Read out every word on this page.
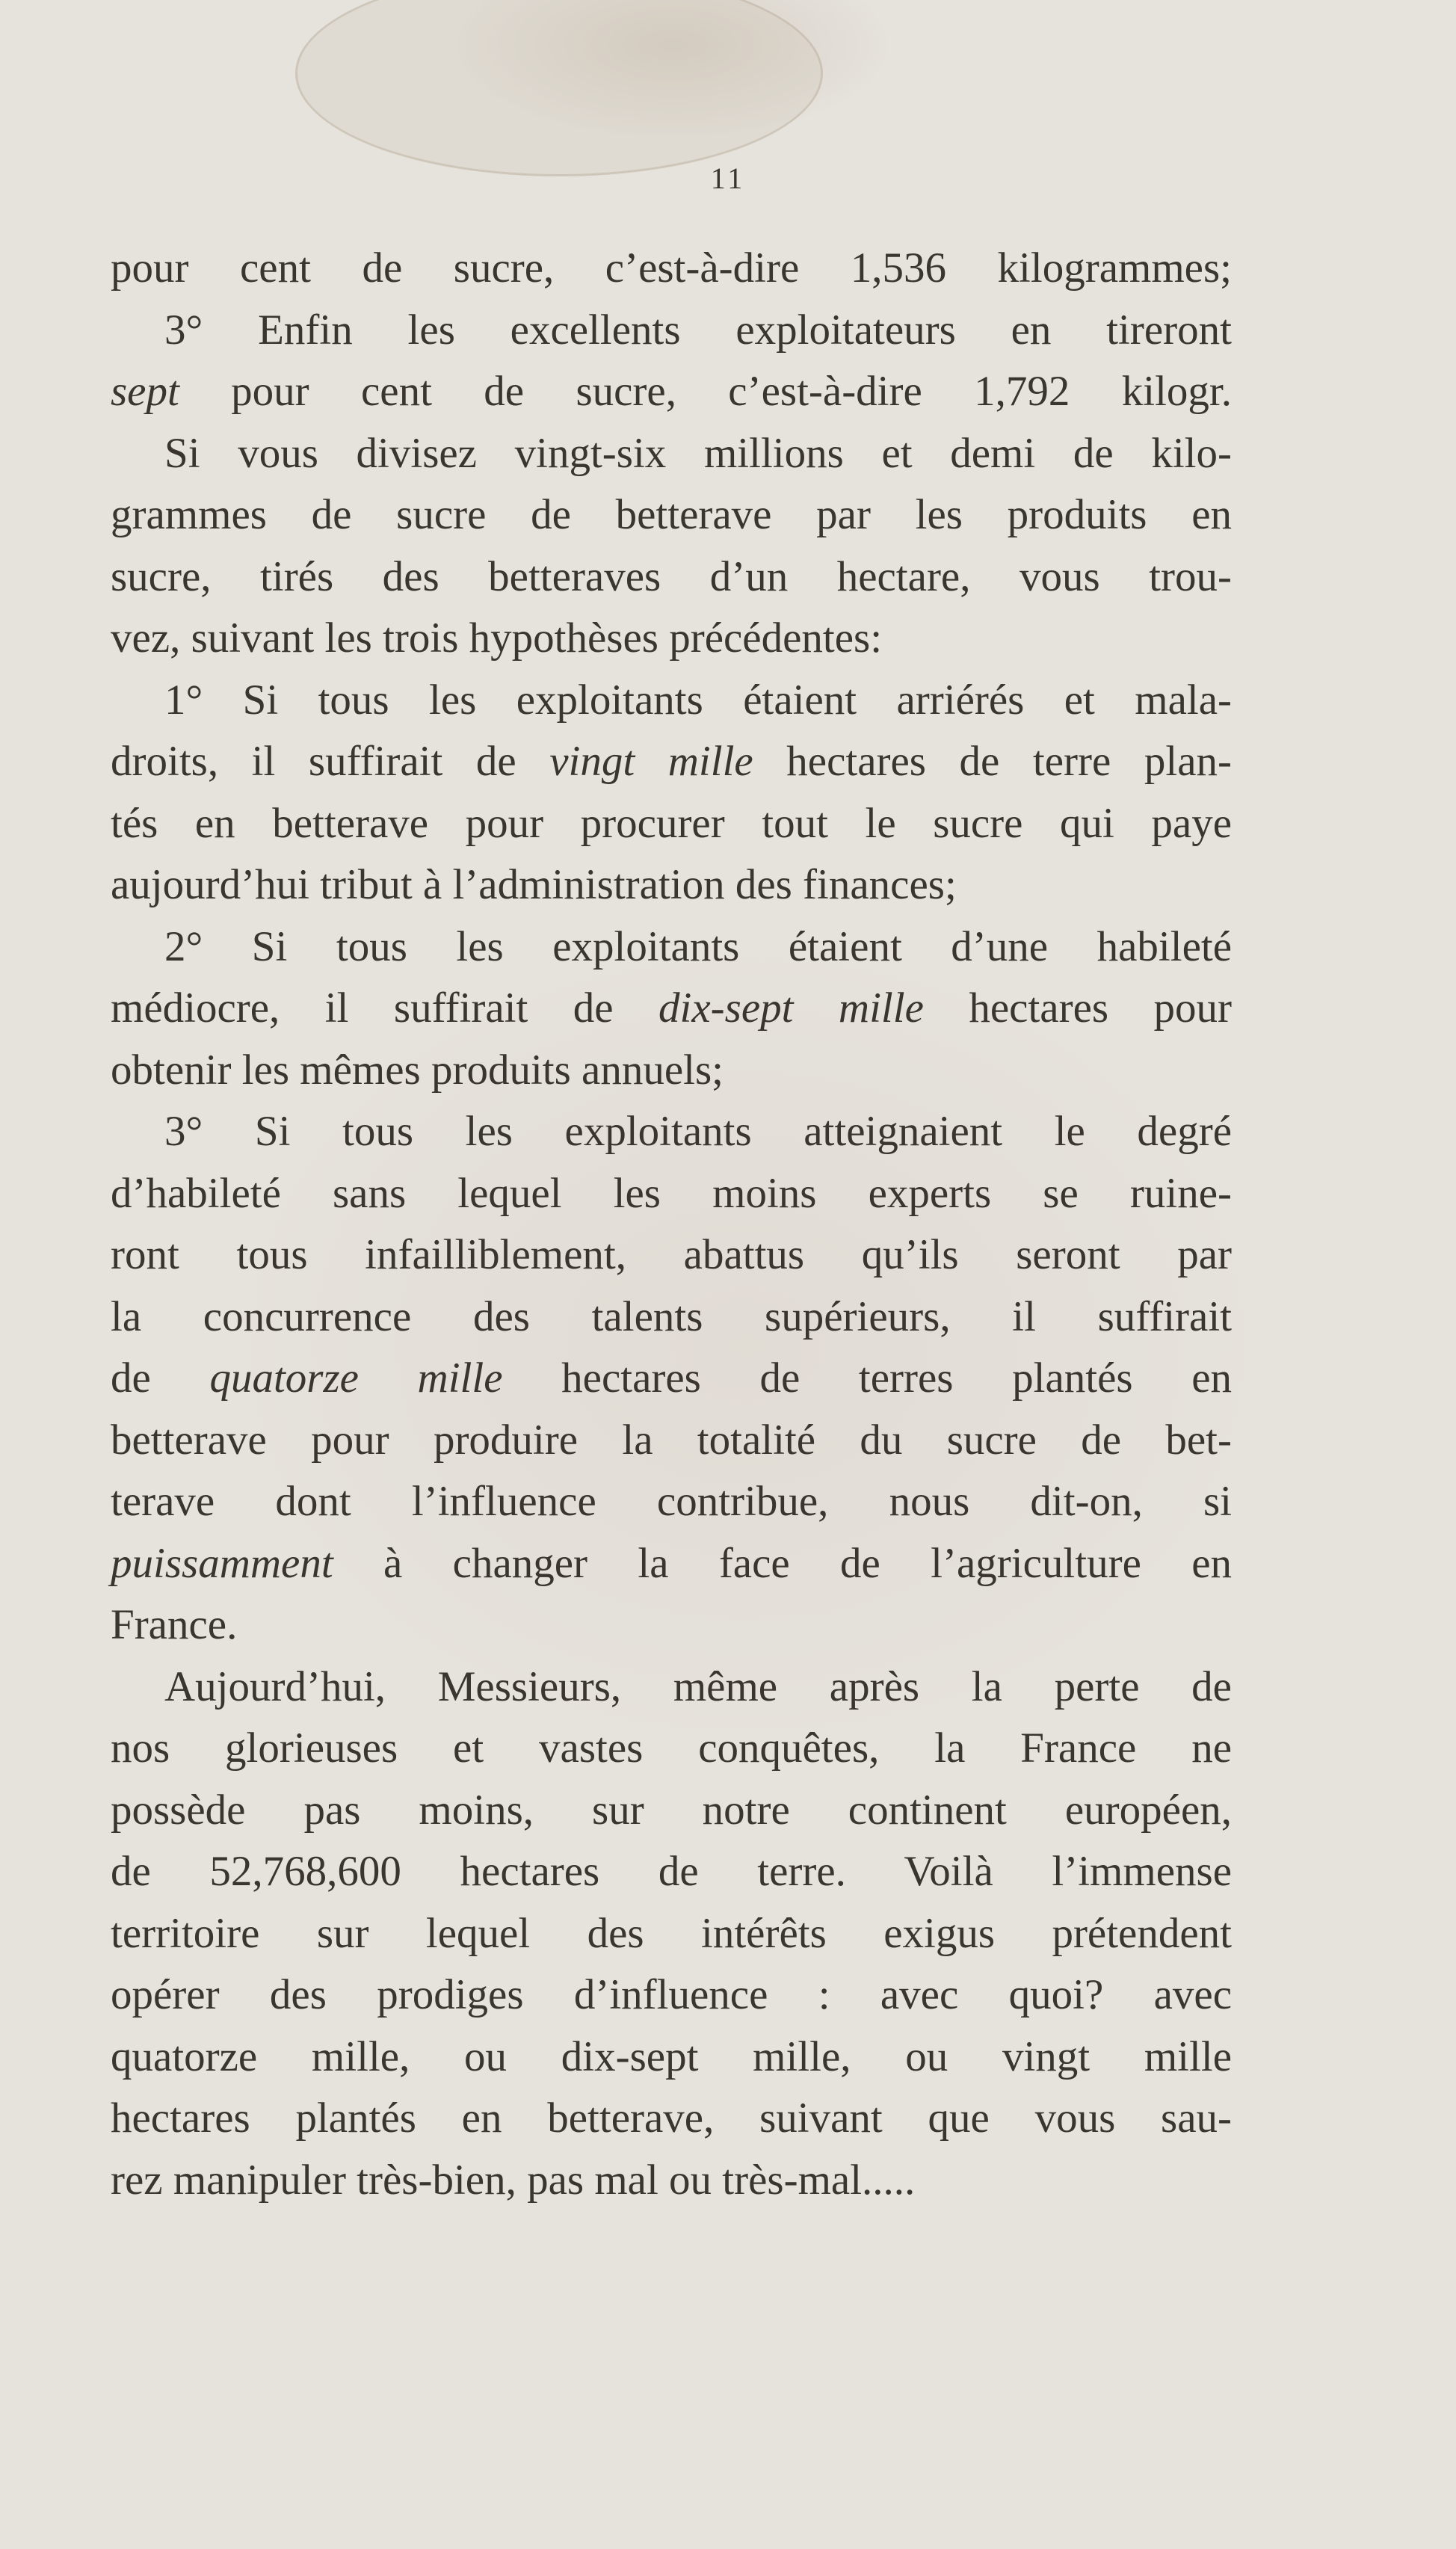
11
pour cent de sucre, c’est-à-dire 1,536 kilogrammes;
3° Enfin les excellents exploitateurs en tireront
sept pour cent de sucre, c’est-à-dire 1,792 kilogr.
Si vous divisez vingt-six millions et demi de kilo-
grammes de sucre de betterave par les produits en
sucre, tirés des betteraves d’un hectare, vous trou-
vez, suivant les trois hypothèses précédentes:
1° Si tous les exploitants étaient arriérés et mala-
droits, il suffirait de vingt mille hectares de terre plan-
tés en betterave pour procurer tout le sucre qui paye
aujourd’hui tribut à l’administration des finances;
2° Si tous les exploitants étaient d’une habileté
médiocre, il suffirait de dix-sept mille hectares pour
obtenir les mêmes produits annuels;
3° Si tous les exploitants atteignaient le degré
d’habileté sans lequel les moins experts se ruine-
ront tous infailliblement, abattus qu’ils seront par
la concurrence des talents supérieurs, il suffirait
de quatorze mille hectares de terres plantés en
betterave pour produire la totalité du sucre de bet-
terave dont l’influence contribue, nous dit-on, si
puissamment à changer la face de l’agriculture en
France.
Aujourd’hui, Messieurs, même après la perte de
nos glorieuses et vastes conquêtes, la France ne
possède pas moins, sur notre continent européen,
de 52,768,600 hectares de terre. Voilà l’immense
territoire sur lequel des intérêts exigus prétendent
opérer des prodiges d’influence : avec quoi? avec
quatorze mille, ou dix-sept mille, ou vingt mille
hectares plantés en betterave, suivant que vous sau-
rez manipuler très-bien, pas mal ou très-mal.....
